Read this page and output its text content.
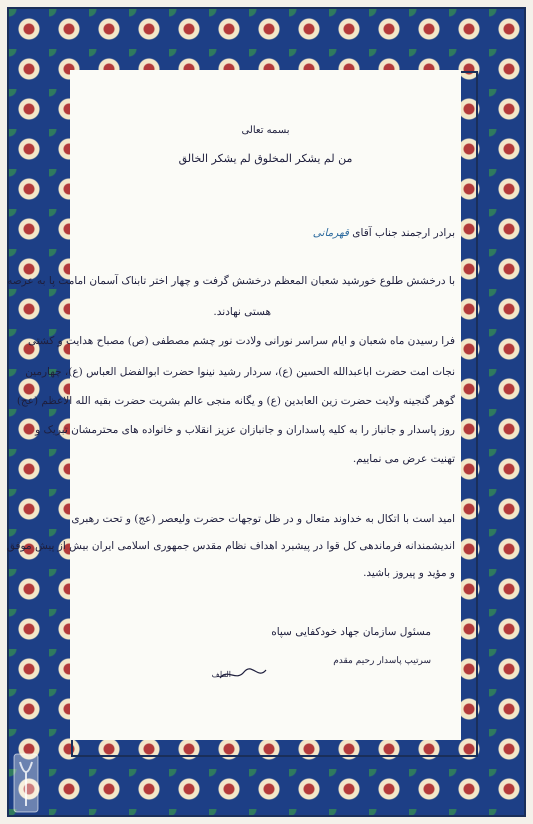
بسمه تعالی
من لم یشکر المخلوق لم یشکر الخالق
برادر ارجمند جناب آقای قهرمانی
با درخشش طلوع خورشید شعبان المعظم درخشش گرفت و چهار اختر تابناک آسمان امامت پا به عرصه
هستی نهادند.
فرا رسیدن ماه شعبان و ایام سراسر نورانی ولادت نور چشم مصطفی (ص) مصباح هدایت و کشتی
نجات امت حضرت اباعبدالله الحسین (ع)، سردار رشید نینوا حضرت ابوالفضل العباس (ع)، چهارمین
گوهر گنجینه ولایت حضرت زین العابدین (ع) و یگانه منجی عالم بشریت حضرت بقیه الله الاعظم (عج)
روز پاسدار و جانباز را به کلیه پاسداران و جانبازان عزیز انقلاب و خانواده های محترمشان تبریک و
تهنیت عرض می نماییم.
امید است با اتکال به خداوند متعال و در ظل توجهات حضرت ولیعصر (عج) و تحت رهبری
اندیشمندانه فرماندهی کل قوا در پیشبرد اهداف نظام مقدس جمهوری اسلامی ایران بیش از پیش موفق
و مؤید و پیروز باشید.
مسئول سازمان جهاد خودکفایی سپاه
سرتیپ پاسدار رحیم مقدم
الطف
